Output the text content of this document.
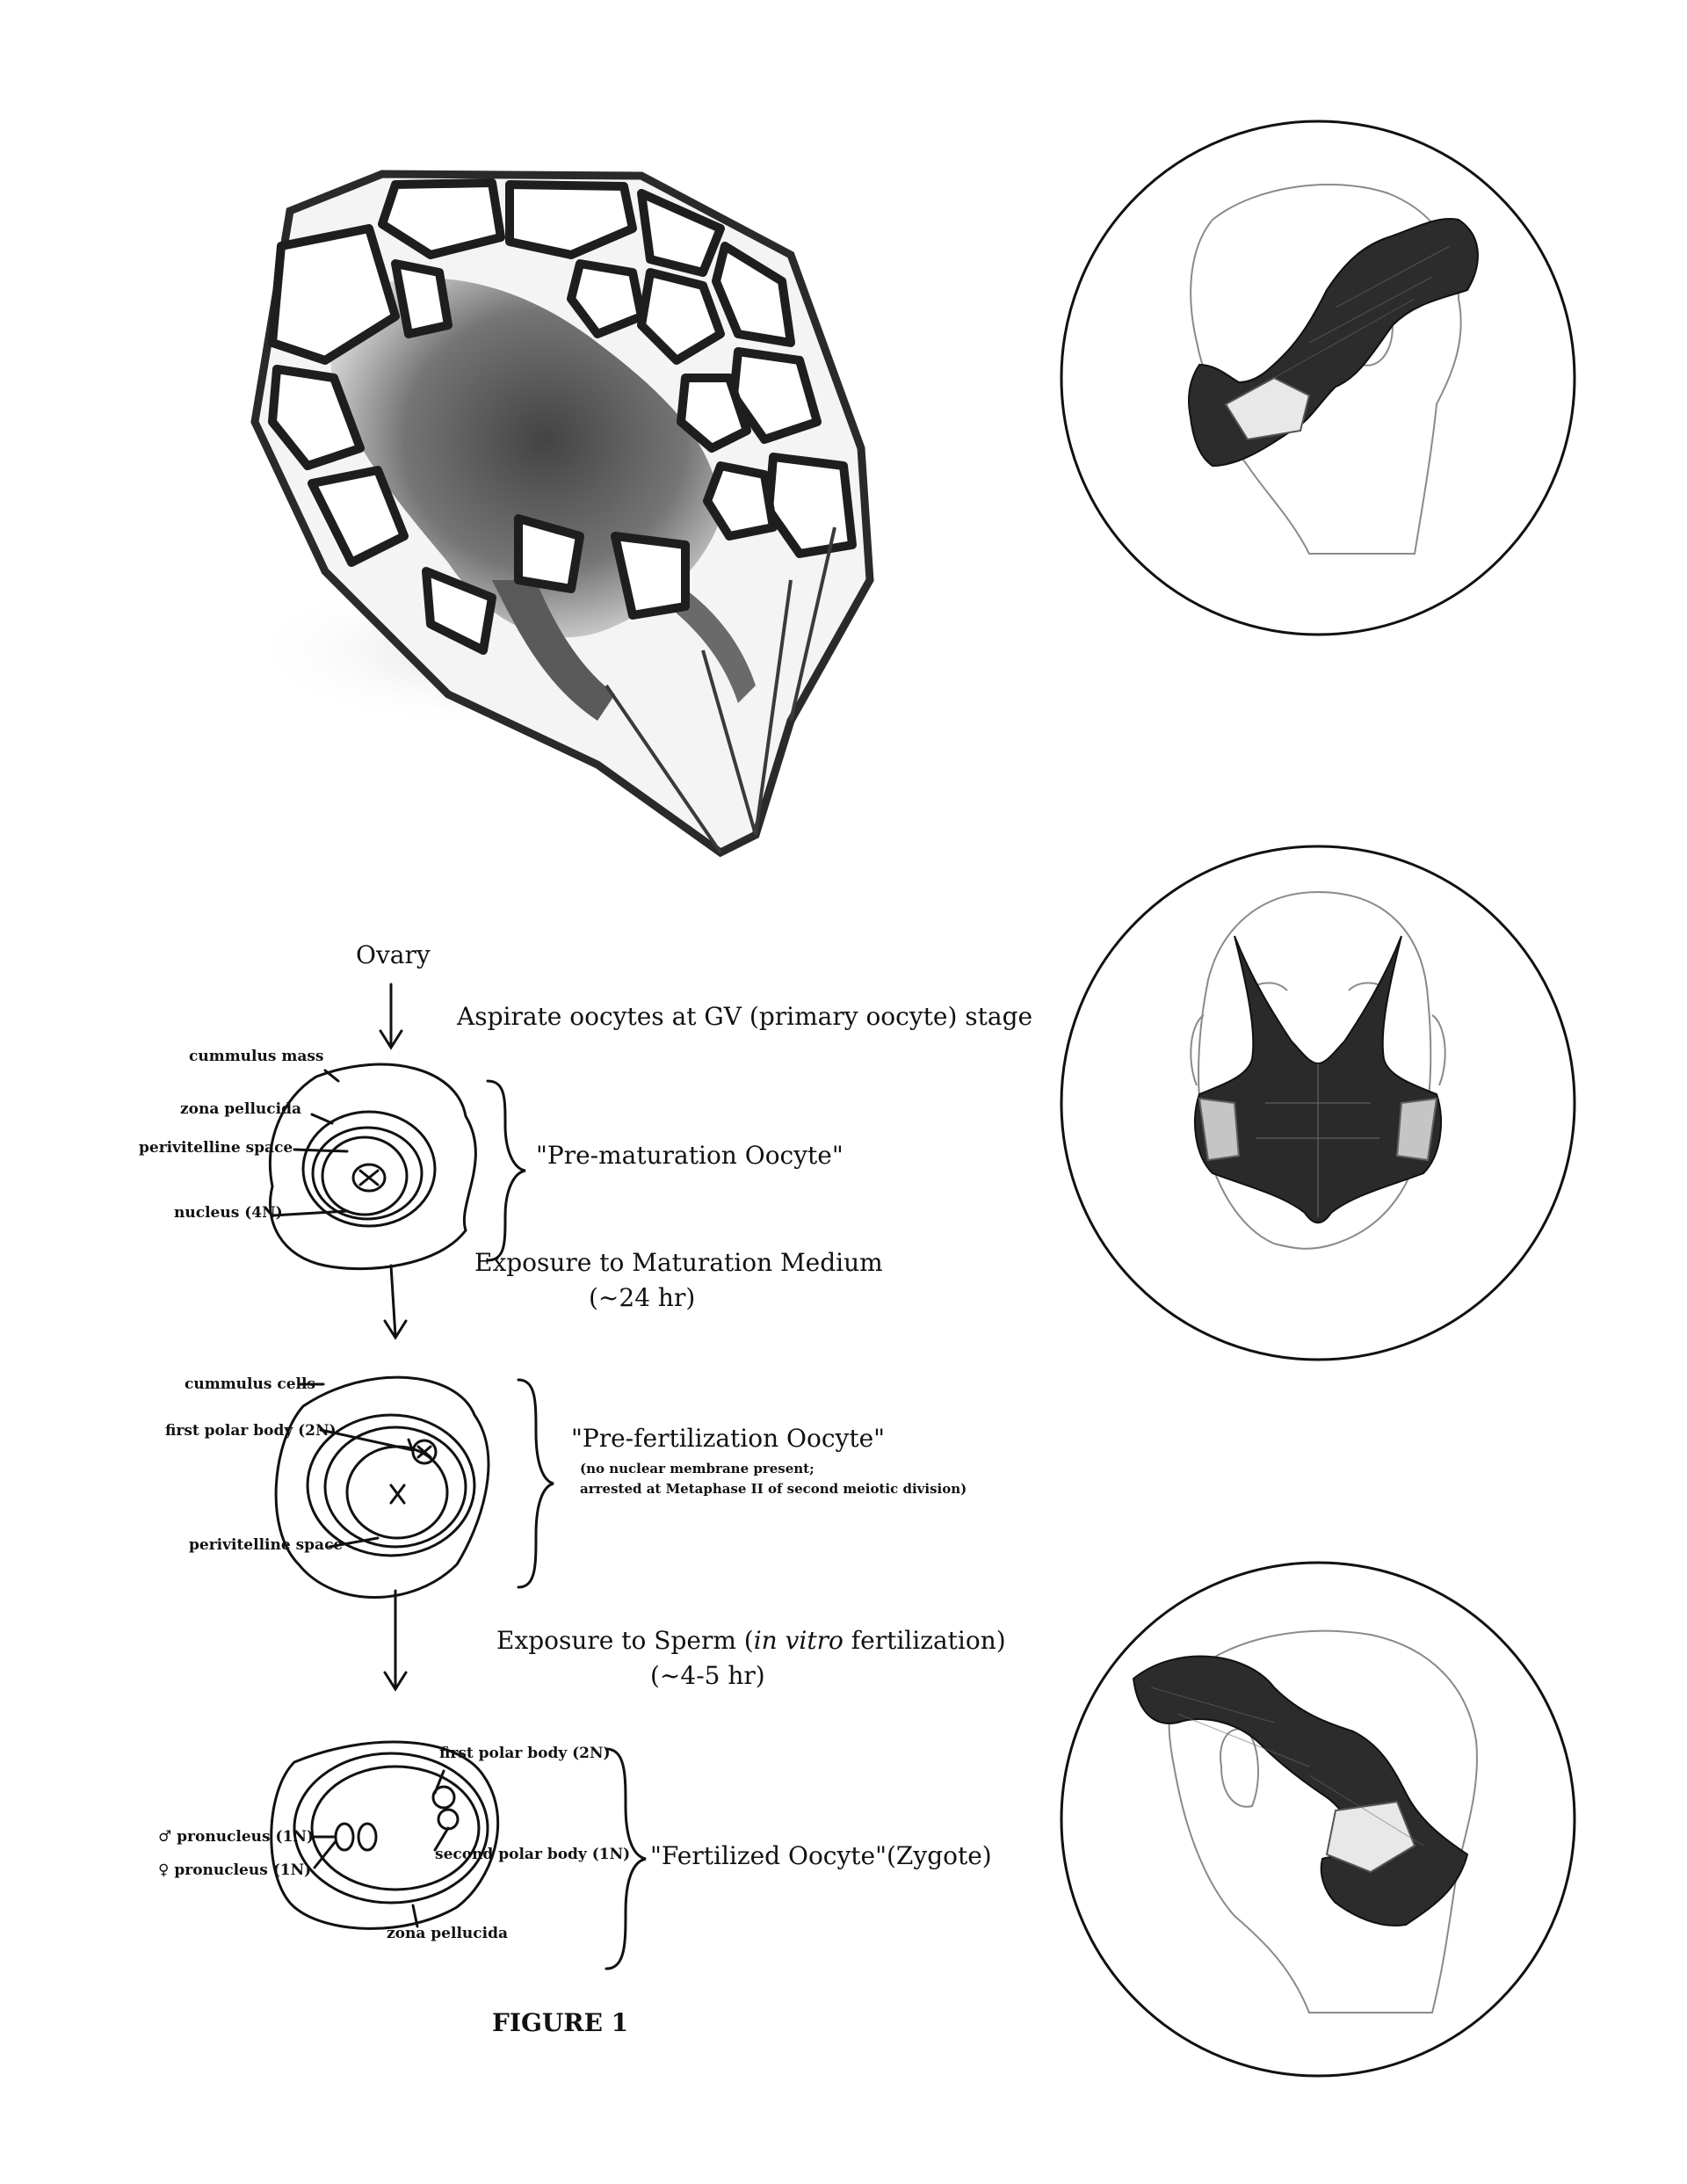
Ovary
Aspirate oocytes at GV (primary oocyte) stage
cummulus mass
zona pellucida
perivitelline space
nucleus (4N)
"Pre-maturation Oocyte"
Exposure to Maturation Medium
(~24 hr)
cummulus cells
first polar body (2N)
perivitelline space
"Pre-fertilization Oocyte"
(no nuclear membrane present;
arrested at Metaphase II of second meiotic division)
Exposure to Sperm (in vitro fertilization)
(~4-5 hr)
first polar body (2N)
♂ pronucleus (1N)
♀ pronucleus (1N)
second polar body (1N)
zona pellucida
"Fertilized Oocyte"(Zygote)
FIGURE 1
